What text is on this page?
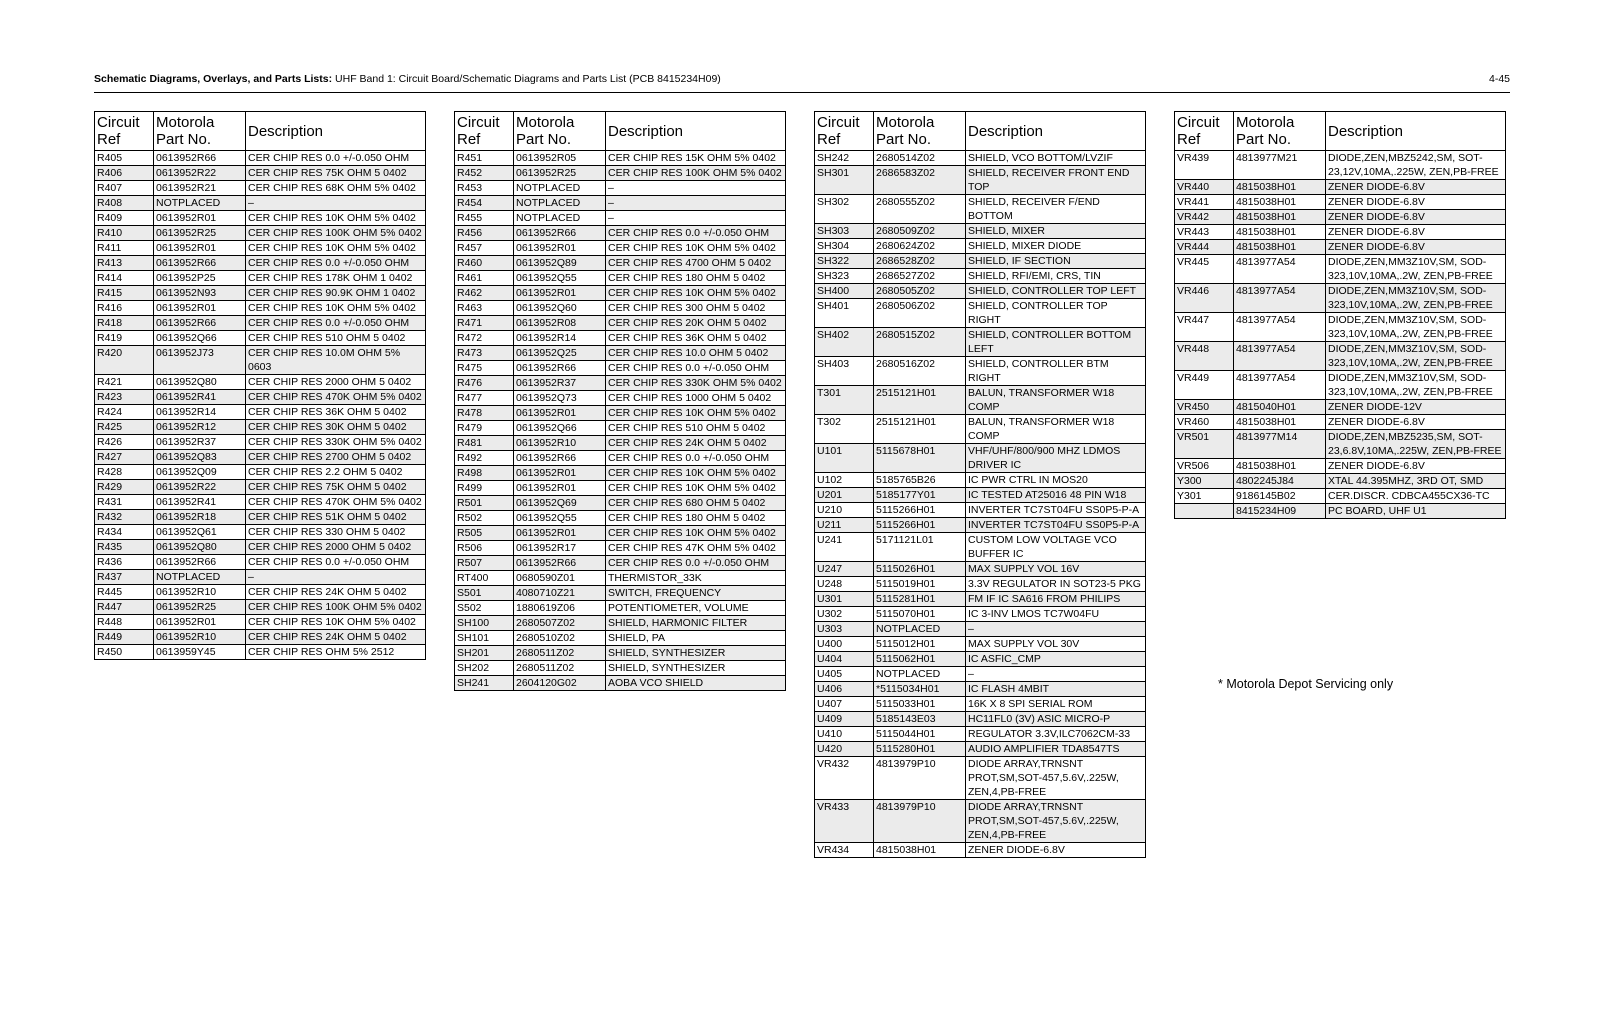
Schematic Diagrams, Overlays, and Parts Lists: UHF Band 1: Circuit Board/Schematic Diagrams and Parts List (PCB 8415234H09)	4-45
Circuit Ref	Motorola Part No.	Description
R405	0613952R66	CER CHIP RES 0.0 +/-0.050 OHM
R406	0613952R22	CER CHIP RES 75K OHM 5 0402
R407	0613952R21	CER CHIP RES 68K OHM 5% 0402
R408	NOTPLACED	–
R409	0613952R01	CER CHIP RES 10K OHM 5% 0402
R410	0613952R25	CER CHIP RES 100K OHM 5% 0402
R411	0613952R01	CER CHIP RES 10K OHM 5% 0402
R413	0613952R66	CER CHIP RES 0.0 +/-0.050 OHM
R414	0613952P25	CER CHIP RES 178K OHM 1 0402
R415	0613952N93	CER CHIP RES 90.9K OHM 1 0402
R416	0613952R01	CER CHIP RES 10K OHM 5% 0402
R418	0613952R66	CER CHIP RES 0.0 +/-0.050 OHM
R419	0613952Q66	CER CHIP RES 510 OHM 5 0402
R420	0613952J73	CER CHIP RES 10.0M OHM 5% 0603
R421	0613952Q80	CER CHIP RES 2000 OHM 5 0402
R423	0613952R41	CER CHIP RES 470K OHM 5% 0402
R424	0613952R14	CER CHIP RES 36K OHM 5 0402
R425	0613952R12	CER CHIP RES 30K OHM 5 0402
R426	0613952R37	CER CHIP RES 330K OHM 5% 0402
R427	0613952Q83	CER CHIP RES 2700 OHM 5 0402
R428	0613952Q09	CER CHIP RES 2.2 OHM 5 0402
R429	0613952R22	CER CHIP RES 75K OHM 5 0402
R431	0613952R41	CER CHIP RES 470K OHM 5% 0402
R432	0613952R18	CER CHIP RES 51K OHM 5 0402
R434	0613952Q61	CER CHIP RES 330 OHM 5 0402
R435	0613952Q80	CER CHIP RES 2000 OHM 5 0402
R436	0613952R66	CER CHIP RES 0.0 +/-0.050 OHM
R437	NOTPLACED	–
R445	0613952R10	CER CHIP RES 24K OHM 5 0402
R447	0613952R25	CER CHIP RES 100K OHM 5% 0402
R448	0613952R01	CER CHIP RES 10K OHM 5% 0402
R449	0613952R10	CER CHIP RES 24K OHM 5 0402
R450	0613959Y45	CER CHIP RES OHM 5% 2512
Circuit Ref	Motorola Part No.	Description
R451	0613952R05	CER CHIP RES 15K OHM 5% 0402
R452	0613952R25	CER CHIP RES 100K OHM 5% 0402
R453	NOTPLACED	–
R454	NOTPLACED	–
R455	NOTPLACED	–
R456	0613952R66	CER CHIP RES 0.0 +/-0.050 OHM
R457	0613952R01	CER CHIP RES 10K OHM 5% 0402
R460	0613952Q89	CER CHIP RES 4700 OHM 5 0402
R461	0613952Q55	CER CHIP RES 180 OHM 5 0402
R462	0613952R01	CER CHIP RES 10K OHM 5% 0402
R463	0613952Q60	CER CHIP RES 300 OHM 5 0402
R471	0613952R08	CER CHIP RES 20K OHM 5 0402
R472	0613952R14	CER CHIP RES 36K OHM 5 0402
R473	0613952Q25	CER CHIP RES 10.0 OHM 5 0402
R475	0613952R66	CER CHIP RES 0.0 +/-0.050 OHM
R476	0613952R37	CER CHIP RES 330K OHM 5% 0402
R477	0613952Q73	CER CHIP RES 1000 OHM 5 0402
R478	0613952R01	CER CHIP RES 10K OHM 5% 0402
R479	0613952Q66	CER CHIP RES 510 OHM 5 0402
R481	0613952R10	CER CHIP RES 24K OHM 5 0402
R492	0613952R66	CER CHIP RES 0.0 +/-0.050 OHM
R498	0613952R01	CER CHIP RES 10K OHM 5% 0402
R499	0613952R01	CER CHIP RES 10K OHM 5% 0402
R501	0613952Q69	CER CHIP RES 680 OHM 5 0402
R502	0613952Q55	CER CHIP RES 180 OHM 5 0402
R505	0613952R01	CER CHIP RES 10K OHM 5% 0402
R506	0613952R17	CER CHIP RES 47K OHM 5% 0402
R507	0613952R66	CER CHIP RES 0.0 +/-0.050 OHM
RT400	0680590Z01	THERMISTOR_33K
S501	4080710Z21	SWITCH, FREQUENCY
S502	1880619Z06	POTENTIOMETER, VOLUME
SH100	2680507Z02	SHIELD, HARMONIC FILTER
SH101	2680510Z02	SHIELD, PA
SH201	2680511Z02	SHIELD, SYNTHESIZER
SH202	2680511Z02	SHIELD, SYNTHESIZER
SH241	2604120G02	AOBA VCO SHIELD
Circuit Ref	Motorola Part No.	Description
SH242	2680514Z02	SHIELD, VCO BOTTOM/LVZIF
SH301	2686583Z02	SHIELD, RECEIVER FRONT END TOP
SH302	2680555Z02	SHIELD, RECEIVER F/END BOTTOM
SH303	2680509Z02	SHIELD, MIXER
SH304	2680624Z02	SHIELD, MIXER DIODE
SH322	2686528Z02	SHIELD, IF SECTION
SH323	2686527Z02	SHIELD, RFI/EMI, CRS, TIN
SH400	2680505Z02	SHIELD, CONTROLLER TOP LEFT
SH401	2680506Z02	SHIELD, CONTROLLER TOP RIGHT
SH402	2680515Z02	SHIELD, CONTROLLER BOTTOM LEFT
SH403	2680516Z02	SHIELD, CONTROLLER BTM RIGHT
T301	2515121H01	BALUN, TRANSFORMER W18 COMP
T302	2515121H01	BALUN, TRANSFORMER W18 COMP
U101	5115678H01	VHF/UHF/800/900 MHZ LDMOS DRIVER IC
U102	5185765B26	IC PWR CTRL IN MOS20
U201	5185177Y01	IC TESTED AT25016 48 PIN W18
U210	5115266H01	INVERTER TC7ST04FU SS0P5-P-A
U211	5115266H01	INVERTER TC7ST04FU SS0P5-P-A
U241	5171121L01	CUSTOM LOW VOLTAGE VCO BUFFER IC
U247	5115026H01	MAX SUPPLY VOL 16V
U248	5115019H01	3.3V REGULATOR IN SOT23-5 PKG
U301	5115281H01	FM IF IC SA616 FROM PHILIPS
U302	5115070H01	IC 3-INV LMOS TC7W04FU
U303	NOTPLACED	–
U400	5115012H01	MAX SUPPLY VOL 30V
U404	5115062H01	IC ASFIC_CMP
U405	NOTPLACED	–
U406	*5115034H01	IC FLASH 4MBIT
U407	5115033H01	16K X 8 SPI SERIAL ROM
U409	5185143E03	HC11FL0 (3V) ASIC MICRO-P
U410	5115044H01	REGULATOR 3.3V,ILC7062CM-33
U420	5115280H01	AUDIO AMPLIFIER TDA8547TS
VR432	4813979P10	DIODE ARRAY,TRNSNT PROT,SM,SOT-457,5.6V,.225W, ZEN,4,PB-FREE
VR433	4813979P10	DIODE ARRAY,TRNSNT PROT,SM,SOT-457,5.6V,.225W, ZEN,4,PB-FREE
VR434	4815038H01	ZENER DIODE-6.8V
Circuit Ref	Motorola Part No.	Description
VR439	4813977M21	DIODE,ZEN,MBZ5242,SM, SOT-23,12V,10MA,.225W, ZEN,PB-FREE
VR440	4815038H01	ZENER DIODE-6.8V
VR441	4815038H01	ZENER DIODE-6.8V
VR442	4815038H01	ZENER DIODE-6.8V
VR443	4815038H01	ZENER DIODE-6.8V
VR444	4815038H01	ZENER DIODE-6.8V
VR445	4813977A54	DIODE,ZEN,MM3Z10V,SM, SOD-323,10V,10MA,.2W, ZEN,PB-FREE
VR446	4813977A54	DIODE,ZEN,MM3Z10V,SM, SOD-323,10V,10MA,.2W, ZEN,PB-FREE
VR447	4813977A54	DIODE,ZEN,MM3Z10V,SM, SOD-323,10V,10MA,.2W, ZEN,PB-FREE
VR448	4813977A54	DIODE,ZEN,MM3Z10V,SM, SOD-323,10V,10MA,.2W, ZEN,PB-FREE
VR449	4813977A54	DIODE,ZEN,MM3Z10V,SM, SOD-323,10V,10MA,.2W, ZEN,PB-FREE
VR450	4815040H01	ZENER DIODE-12V
VR460	4815038H01	ZENER DIODE-6.8V
VR501	4813977M14	DIODE,ZEN,MBZ5235,SM, SOT-23,6.8V,10MA,.225W, ZEN,PB-FREE
VR506	4815038H01	ZENER DIODE-6.8V
Y300	4802245J84	XTAL 44.395MHZ, 3RD OT, SMD
Y301	9186145B02	CER.DISCR. CDBCA455CX36-TC
	8415234H09	PC BOARD, UHF U1
* Motorola Depot Servicing only
